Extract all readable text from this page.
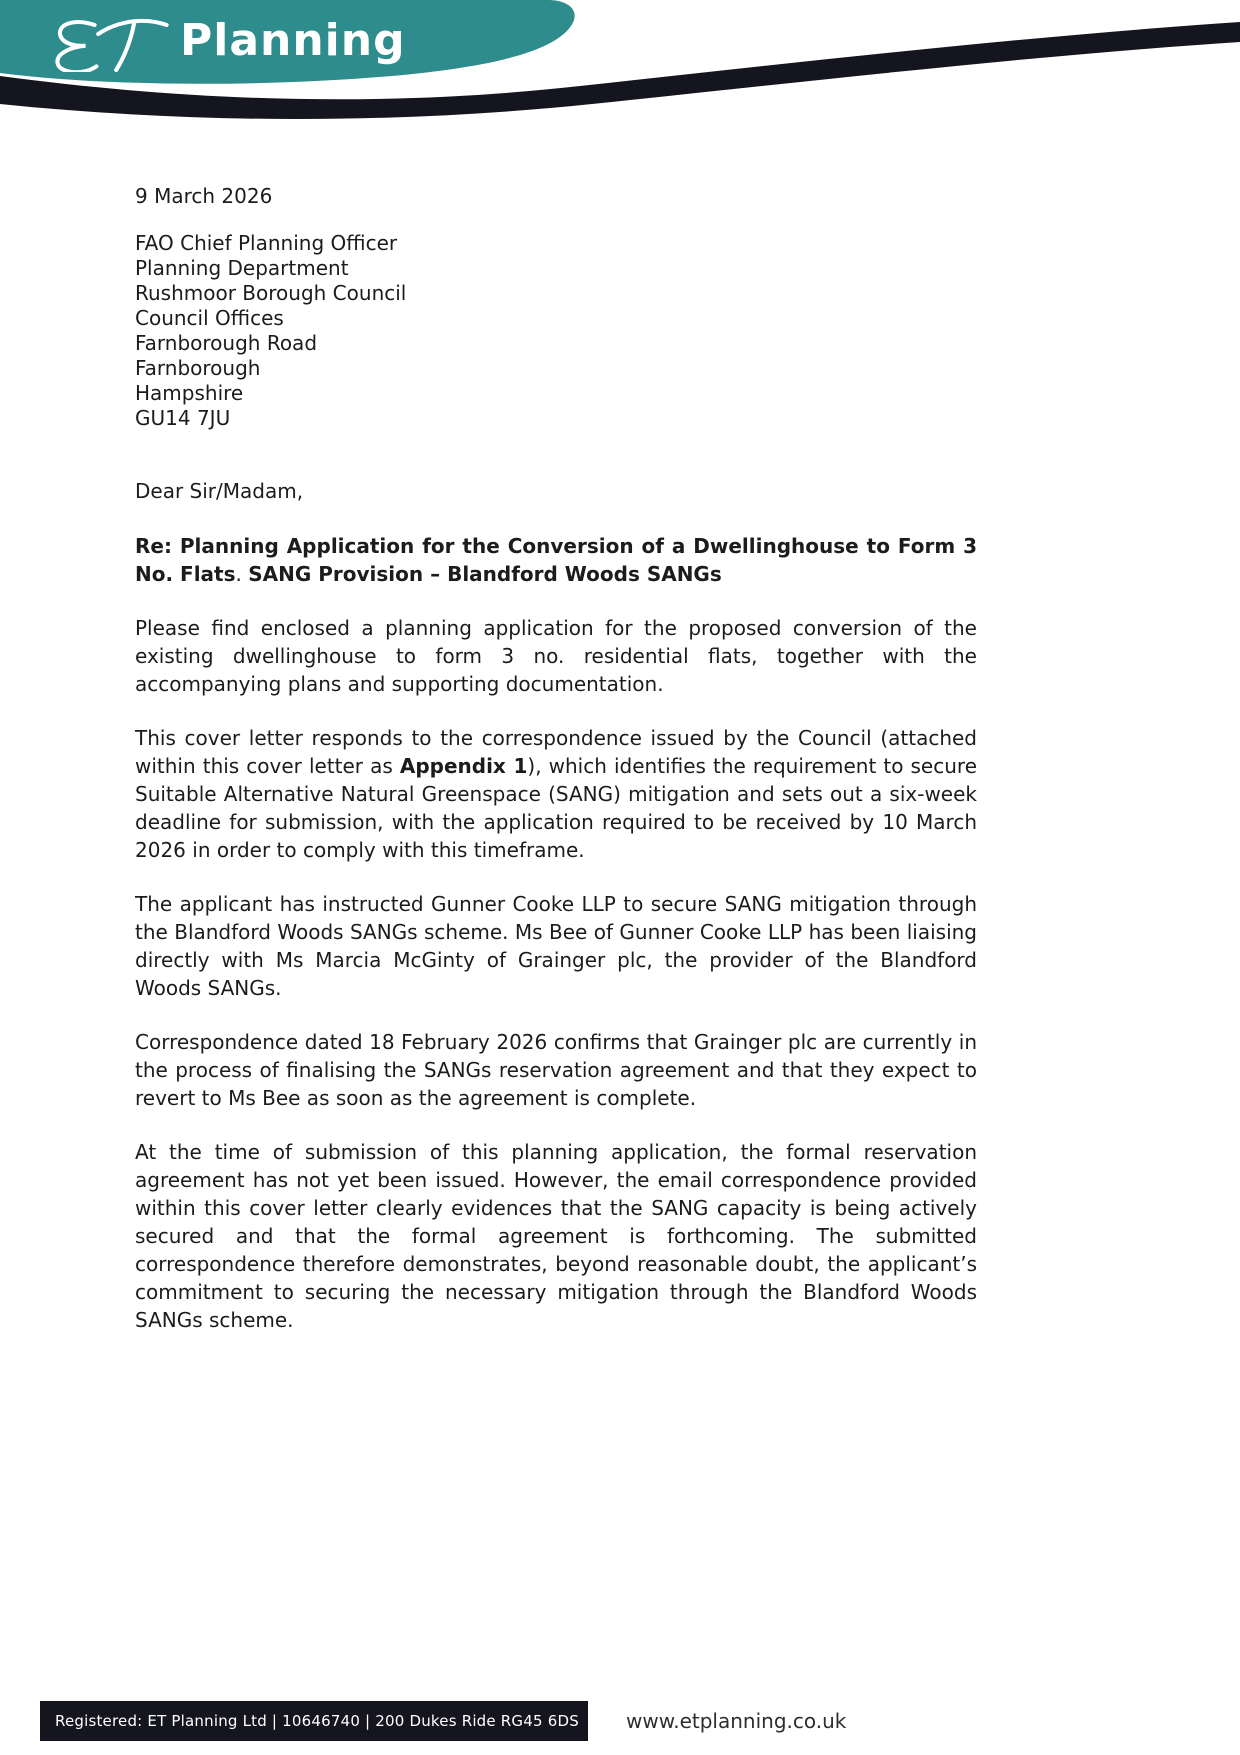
Planning

9 March 2026

FAO Chief Planning Officer
Planning Department
Rushmoor Borough Council
Council Offices
Farnborough Road
Farnborough
Hampshire
GU14 7JU

Dear Sir/Madam,

Re: Planning Application for the Conversion of a Dwellinghouse to Form 3 No. Flats. SANG Provision – Blandford Woods SANGs

Please find enclosed a planning application for the proposed conversion of the existing dwellinghouse to form 3 no. residential flats, together with the accompanying plans and supporting documentation.

This cover letter responds to the correspondence issued by the Council (attached within this cover letter as Appendix 1), which identifies the requirement to secure Suitable Alternative Natural Greenspace (SANG) mitigation and sets out a six-week deadline for submission, with the application required to be received by 10 March 2026 in order to comply with this timeframe.

The applicant has instructed Gunner Cooke LLP to secure SANG mitigation through the Blandford Woods SANGs scheme. Ms Bee of Gunner Cooke LLP has been liaising directly with Ms Marcia McGinty of Grainger plc, the provider of the Blandford Woods SANGs.

Correspondence dated 18 February 2026 confirms that Grainger plc are currently in the process of finalising the SANGs reservation agreement and that they expect to revert to Ms Bee as soon as the agreement is complete.

At the time of submission of this planning application, the formal reservation agreement has not yet been issued. However, the email correspondence provided within this cover letter clearly evidences that the SANG capacity is being actively secured and that the formal agreement is forthcoming. The submitted correspondence therefore demonstrates, beyond reasonable doubt, the applicant’s commitment to securing the necessary mitigation through the Blandford Woods SANGs scheme.

Registered: ET Planning Ltd | 10646740 | 200 Dukes Ride RG45 6DS www.etplanning.co.uk
